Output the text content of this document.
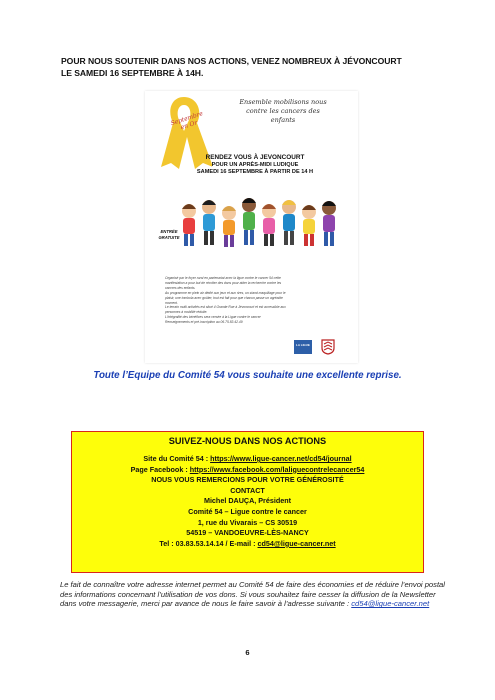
POUR NOUS SOUTENIR DANS NOS ACTIONS, VENEZ NOMBREUX À JÉVONCOURT
LE SAMEDI 16 SEPTEMBRE À 14H.
Septembre en Or
Ensemble mobilisons nous
contre les cancers des
enfants
RENDEZ VOUS À JEVONCOURT
POUR UN APRÈS-MIDI LUDIQUE
SAMEDI 16 SEPTEMBRE À PARTIR DE 14 H
ENTRÉE
GRATUITE
Organisé par le foyer rural en partenariat avec la ligue contre le cancer 54 cette
manifestation a pour but de récolter des dons pour aider la recherche contre les
cancers des enfants.
Au programme en plein air dédié aux jeux et aux rires, un stand maquillage pour le
plaisir, une tombola avec goûter, tout est fait pour que chacun passe un agréable
moment.
Le terrain multi activités est situé 4 Grande Rue à Jévoncourt et est accessible aux
personnes à mobilité réduite.
L'intégralité des bénéfices sera versée à la Ligue contre le cancer
Renseignements et pré-inscription au 06.75.83.42.49
LA LIGUE
Toute l’Equipe du Comité 54 vous souhaite une excellente reprise.
SUIVEZ-NOUS DANS NOS ACTIONS
Site du Comité 54 : https://www.ligue-cancer.net/cd54/journal
Page Facebook : https://www.facebook.com/laliguecontrelecancer54
NOUS VOUS REMERCIONS POUR VOTRE GÉNÉROSITÉ
CONTACT
Michel DAUÇA, Président
Comité 54 – Ligue contre le cancer
1, rue du Vivarais – CS 30519
54519 – VANDOEUVRE-LÈS-NANCY
Tel : 03.83.53.14.14 / E-mail : cd54@ligue-cancer.net
Le fait de connaître votre adresse internet permet au Comité 54 de faire des économies et de réduire l’envoi postal des informations concernant l’utilisation de vos dons. Si vous souhaitez faire cesser la diffusion de la Newsletter dans votre messagerie, merci par avance de nous le faire savoir à l’adresse suivante : cd54@ligue-cancer.net
6
